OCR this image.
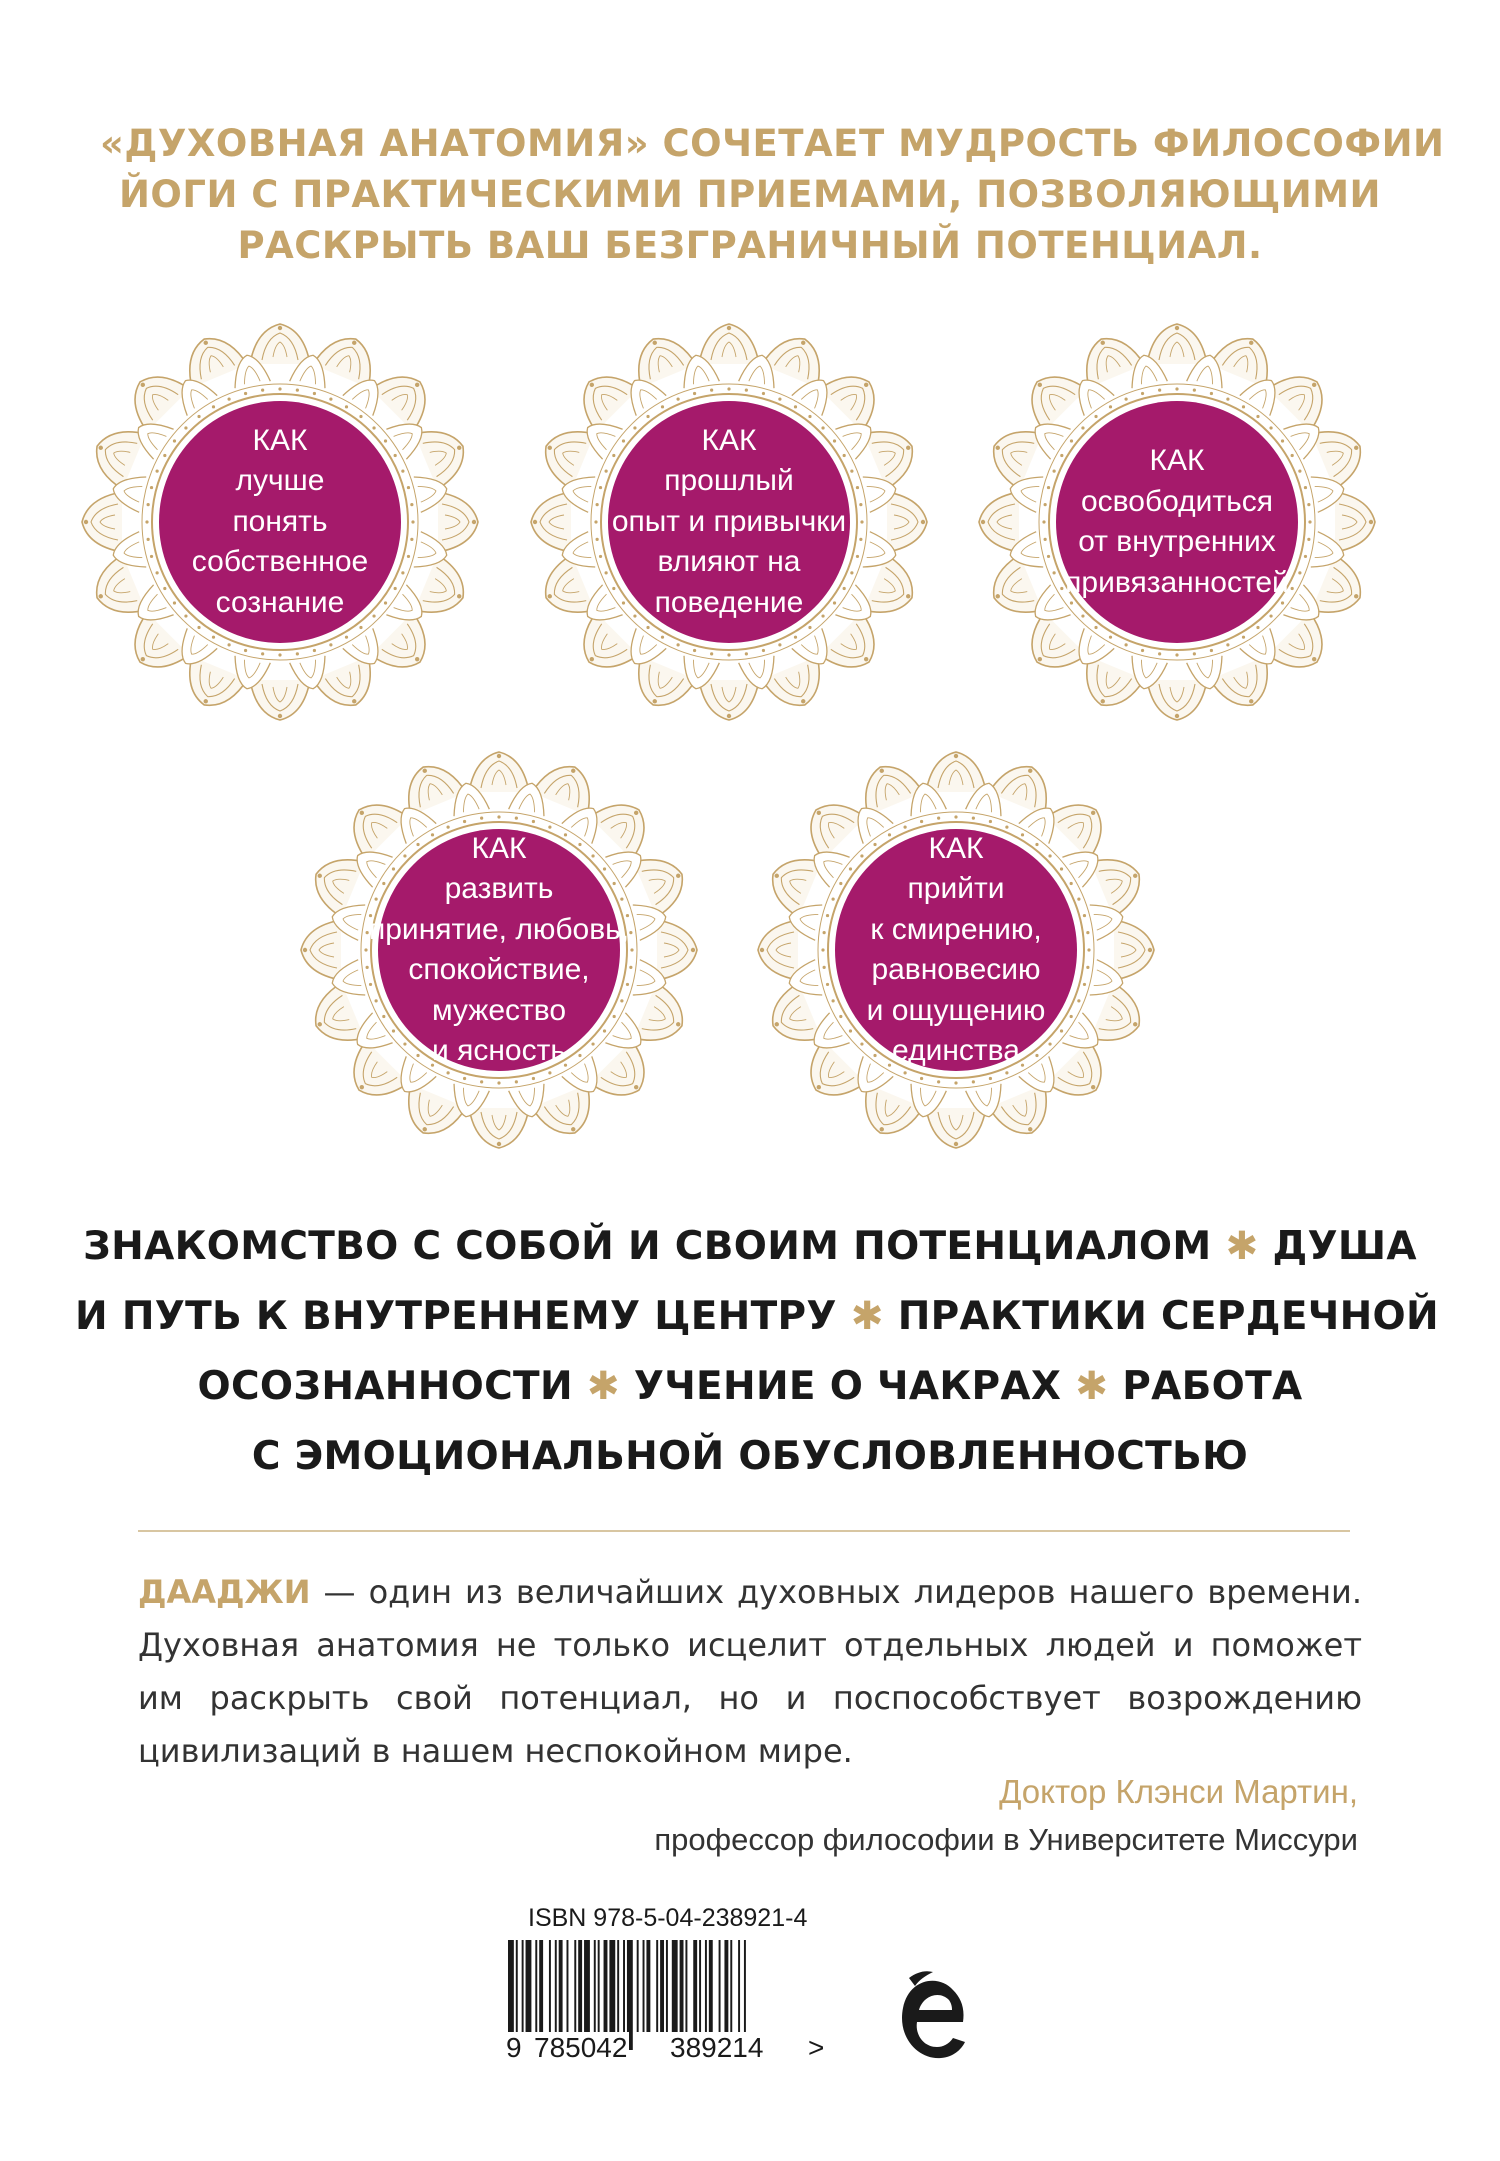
«ДУХОВНАЯ АНАТОМИЯ» СОЧЕТАЕТ МУДРОСТЬ ФИЛОСОФИИ
ЙОГИ С ПРАКТИЧЕСКИМИ ПРИЕМАМИ, ПОЗВОЛЯЮЩИМИ
РАСКРЫТЬ ВАШ БЕЗГРАНИЧНЫЙ ПОТЕНЦИАЛ.
КАК
лучше
понять
собственное
сознание
КАК
прошлый
опыт и привычки
влияют на
поведение
КАК
освободиться
от внутренних
привязанностей
КАК
развить
принятие, любовь,
спокойствие,
мужество
и ясность
КАК
прийти
к смирению,
равновесию
и ощущению
единства
ЗНАКОМСТВО С СОБОЙ И СВОИМ ПОТЕНЦИАЛОМ ✱ ДУША
И ПУТЬ К ВНУТРЕННЕМУ ЦЕНТРУ ✱ ПРАКТИКИ СЕРДЕЧНОЙ
ОСОЗНАННОСТИ ✱ УЧЕНИЕ О ЧАКРАХ ✱ РАБОТА
С ЭМОЦИОНАЛЬНОЙ ОБУСЛОВЛЕННОСТЬЮ
ДААДЖИ — один из величайших духовных лидеров нашего времени.
Духовная анатомия не только исцелит отдельных людей и поможет
им раскрыть свой потенциал, но и поспособствует возрождению
цивилизаций в нашем неспокойном мире.
Доктор Клэнси Мартин,
профессор философии в Университете Миссури
ISBN 978-5-04-238921-4
9 785042 389214 >
